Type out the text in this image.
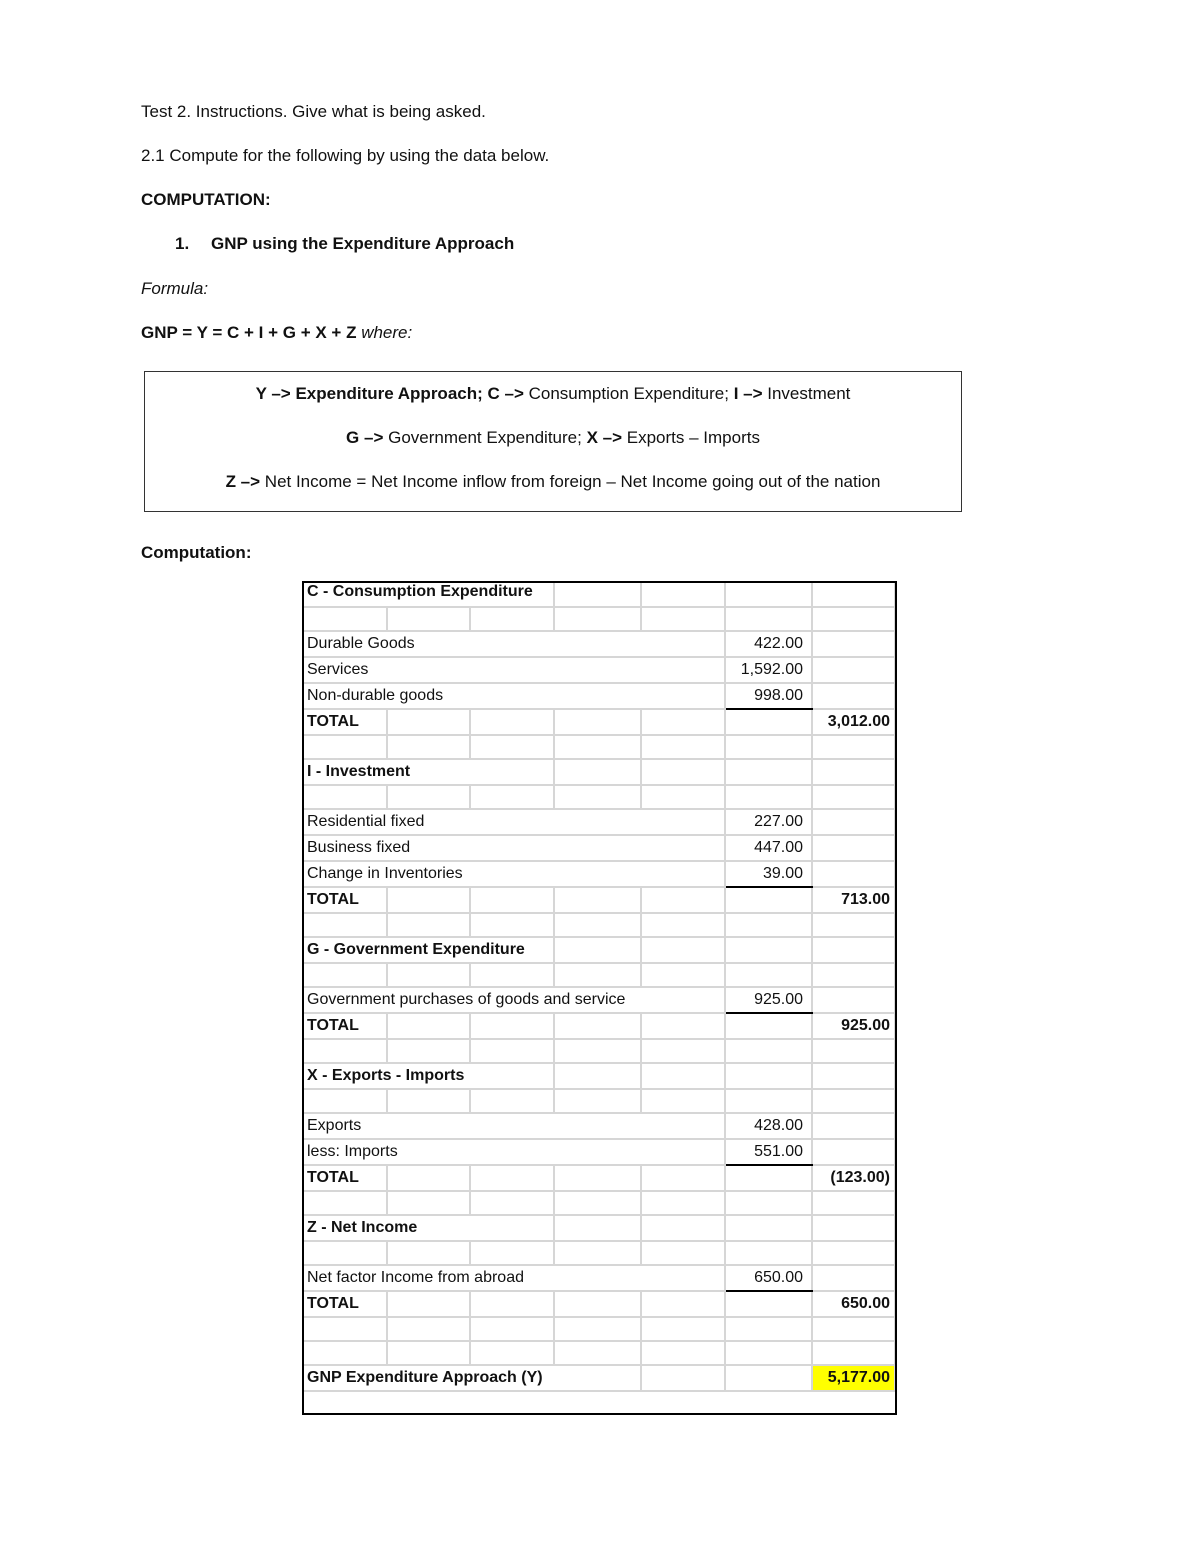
Test 2. Instructions. Give what is being asked.
2.1 Compute for the following by using the data below.
COMPUTATION:
1. GNP using the Expenditure Approach
Formula:
GNP = Y = C + I + G + X + Z where:
Y –> Expenditure Approach; C –> Consumption Expenditure; I –> Investment
G –> Government Expenditure; X –> Exports – Imports
Z –> Net Income = Net Income inflow from foreign – Net Income going out of the nation
Computation:
C - Consumption Expenditure						

Durable Goods					422.00	
Services					1,592.00	
Non-durable goods					998.00	
TOTAL						3,012.00

I - Investment						

Residential fixed					227.00	
Business fixed					447.00	
Change in Inventories					39.00	
TOTAL						713.00

G - Government Expenditure						

Government purchases of goods and service					925.00	
TOTAL						925.00

X - Exports - Imports						

Exports					428.00	
less: Imports					551.00	
TOTAL						(123.00)

Z - Net Income						

Net factor Income from abroad					650.00	
TOTAL						650.00

GNP Expenditure Approach (Y)						5,177.00
